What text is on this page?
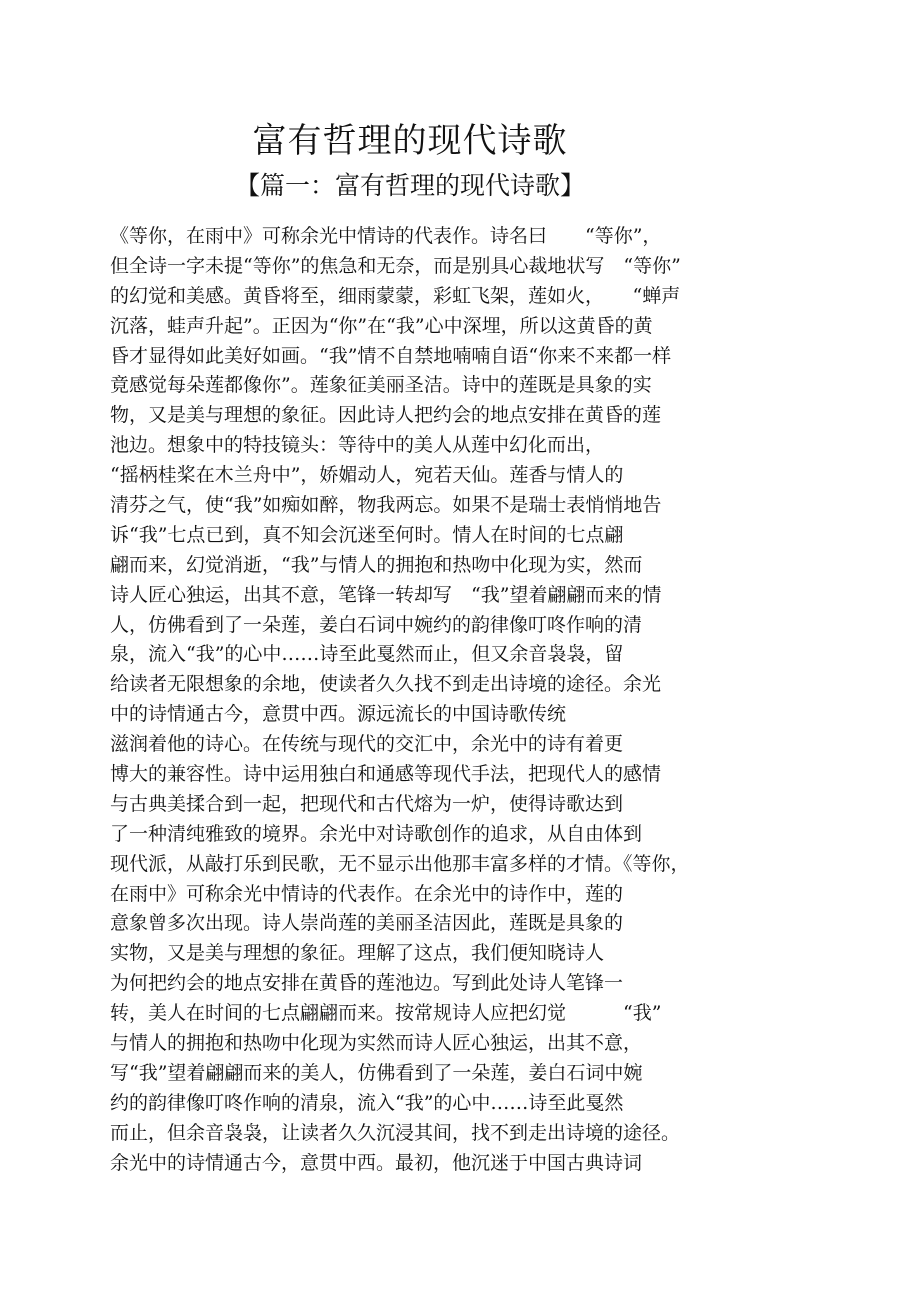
富有哲理的现代诗歌
【篇一：富有哲理的现代诗歌】
《等你，在雨中》可称余光中情诗的代表作。诗名曰　　“等你”，
但全诗一字未提“等你”的焦急和无奈，而是别具心裁地状写　“等你”
的幻觉和美感。黄昏将至，细雨蒙蒙，彩虹飞架，莲如火，　　“蝉声
沉落，蛙声升起”。正因为“你”在“我”心中深埋，所以这黄昏的黄
昏才显得如此美好如画。“我”情不自禁地喃喃自语“你来不来都一样
竟感觉每朵莲都像你”。莲象征美丽圣洁。诗中的莲既是具象的实
物，又是美与理想的象征。因此诗人把约会的地点安排在黄昏的莲
池边。想象中的特技镜头：等待中的美人从莲中幻化而出，
“摇柄桂桨在木兰舟中”，娇媚动人，宛若天仙。莲香与情人的
清芬之气，使“我”如痴如醉，物我两忘。如果不是瑞士表悄悄地告
诉“我”七点已到，真不知会沉迷至何时。情人在时间的七点翩
翩而来，幻觉消逝，“我”与情人的拥抱和热吻中化现为实，然而
诗人匠心独运，出其不意，笔锋一转却写　“我”望着翩翩而来的情
人，仿佛看到了一朵莲，姜白石词中婉约的韵律像叮咚作响的清
泉，流入“我”的心中……诗至此戛然而止，但又余音袅袅，留
给读者无限想象的余地，使读者久久找不到走出诗境的途径。余光
中的诗情通古今，意贯中西。源远流长的中国诗歌传统
滋润着他的诗心。在传统与现代的交汇中，余光中的诗有着更
博大的兼容性。诗中运用独白和通感等现代手法，把现代人的感情
与古典美揉合到一起，把现代和古代熔为一炉，使得诗歌达到
了一种清纯雅致的境界。余光中对诗歌创作的追求，从自由体到
现代派，从敲打乐到民歌，无不显示出他那丰富多样的才情。《等你，
在雨中》可称余光中情诗的代表作。在余光中的诗作中，莲的
意象曾多次出现。诗人崇尚莲的美丽圣洁因此，莲既是具象的
实物，又是美与理想的象征。理解了这点，我们便知晓诗人
为何把约会的地点安排在黄昏的莲池边。写到此处诗人笔锋一
转，美人在时间的七点翩翩而来。按常规诗人应把幻觉　　　“我”
与情人的拥抱和热吻中化现为实然而诗人匠心独运，出其不意，
写“我”望着翩翩而来的美人，仿佛看到了一朵莲，姜白石词中婉
约的韵律像叮咚作响的清泉，流入“我”的心中……诗至此戛然
而止，但余音袅袅，让读者久久沉浸其间，找不到走出诗境的途径。
余光中的诗情通古今，意贯中西。最初，他沉迷于中国古典诗词
